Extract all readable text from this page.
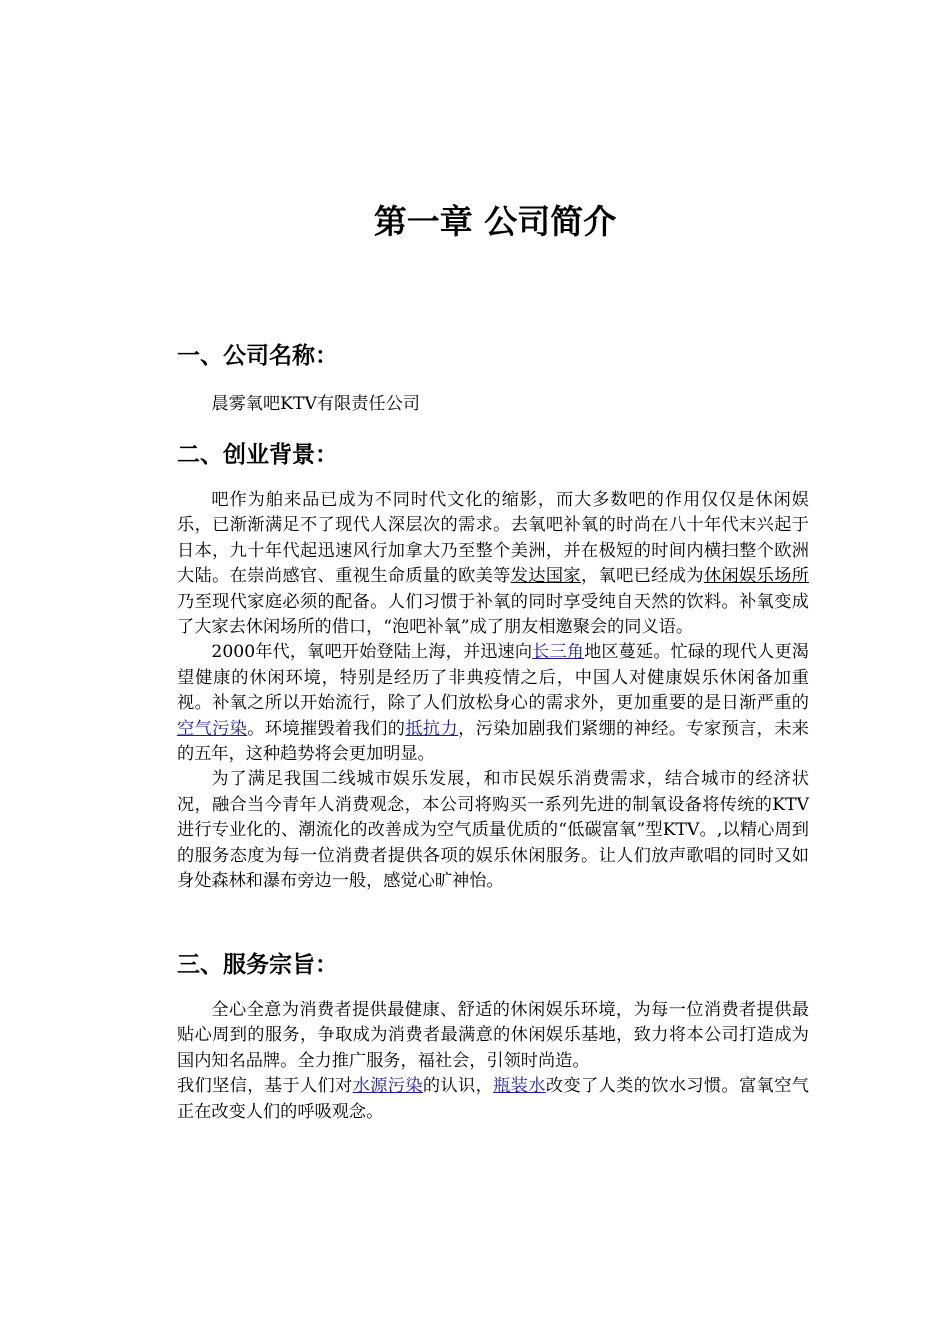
第一章 公司简介
一、公司名称：

晨雾氧吧KTV有限责任公司

二、创业背景：

吧作为舶来品已成为不同时代文化的缩影，而大多数吧的作用仅仅是休闲娱乐，已渐渐满足不了现代人深层次的需求。去氧吧补氧的时尚在八十年代末兴起于日本，九十年代起迅速风行加拿大乃至整个美洲，并在极短的时间内横扫整个欧洲大陆。在崇尚感官、重视生命质量的欧美等发达国家，氧吧已经成为休闲娱乐场所乃至现代家庭必须的配备。人们习惯于补氧的同时享受纯自天然的饮料。补氧变成了大家去休闲场所的借口，“泡吧补氧”成了朋友相邀聚会的同义语。

2000年代，氧吧开始登陆上海，并迅速向长三角地区蔓延。忙碌的现代人更渴望健康的休闲环境，特别是经历了非典疫情之后，中国人对健康娱乐休闲备加重视。补氧之所以开始流行，除了人们放松身心的需求外，更加重要的是日渐严重的空气污染。环境摧毁着我们的抵抗力，污染加剧我们紧绷的神经。专家预言，未来的五年，这种趋势将会更加明显。

为了满足我国二线城市娱乐发展，和市民娱乐消费需求，结合城市的经济状况，融合当今青年人消费观念，本公司将购买一系列先进的制氧设备将传统的KTV进行专业化的、潮流化的改善成为空气质量优质的“低碳富氧”型KTV。,以精心周到的服务态度为每一位消费者提供各项的娱乐休闲服务。让人们放声歌唱的同时又如身处森林和瀑布旁边一般，感觉心旷神怡。

三、服务宗旨：

全心全意为消费者提供最健康、舒适的休闲娱乐环境，为每一位消费者提供最贴心周到的服务，争取成为消费者最满意的休闲娱乐基地，致力将本公司打造成为国内知名品牌。全力推广服务，福社会，引领时尚造。

我们坚信，基于人们对水源污染的认识，瓶装水改变了人类的饮水习惯。富氧空气正在改变人们的呼吸观念。
